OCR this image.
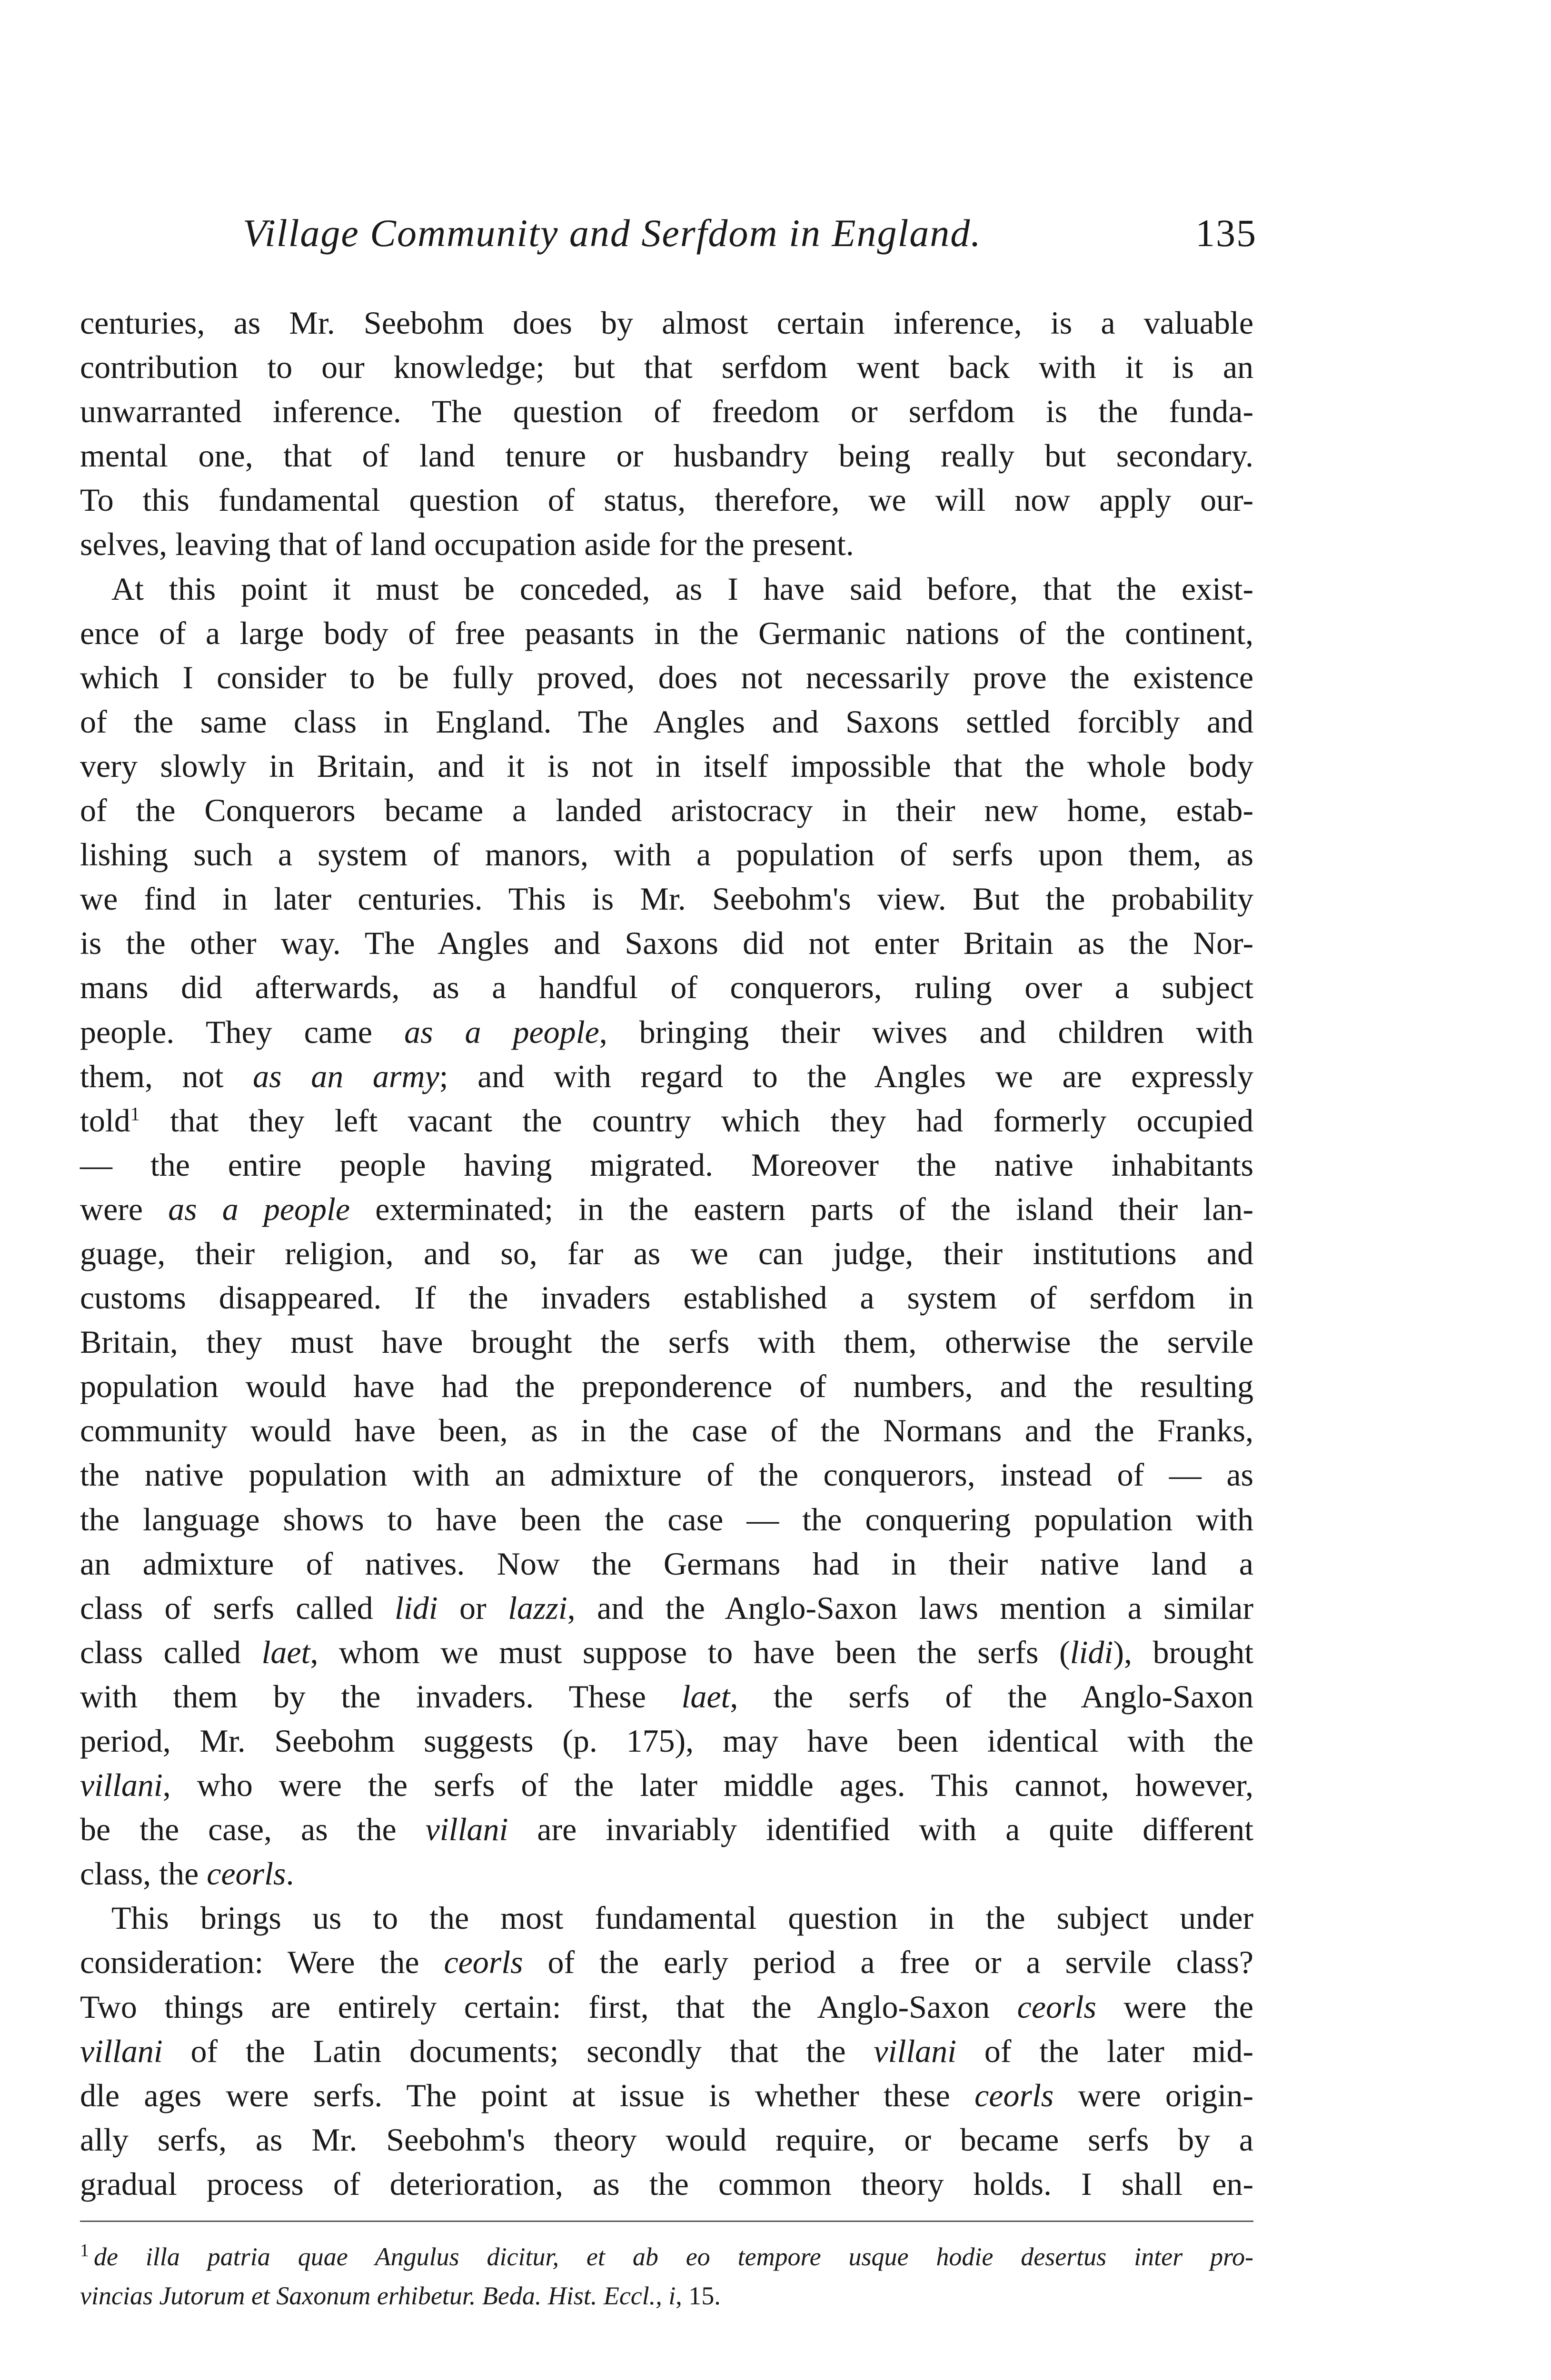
Village Community and Serfdom in England.	135
centuries, as Mr. Seebohm does by almost certain inference, is a valuable
contribution to our knowledge; but that serfdom went back with it is an
unwarranted inference. The question of freedom or serfdom is the funda-
mental one, that of land tenure or husbandry being really but secondary.
To this fundamental question of status, therefore, we will now apply our-
selves, leaving that of land occupation aside for the present.
At this point it must be conceded, as I have said before, that the exist-
ence of a large body of free peasants in the Germanic nations of the continent,
which I consider to be fully proved, does not necessarily prove the existence
of the same class in England. The Angles and Saxons settled forcibly and
very slowly in Britain, and it is not in itself impossible that the whole body
of the Conquerors became a landed aristocracy in their new home, estab-
lishing such a system of manors, with a population of serfs upon them, as
we find in later centuries. This is Mr. Seebohm's view. But the probability
is the other way. The Angles and Saxons did not enter Britain as the Nor-
mans did afterwards, as a handful of conquerors, ruling over a subject
people. They came as a people, bringing their wives and children with
them, not as an army; and with regard to the Angles we are expressly
told$^1$ that they left vacant the country which they had formerly occupied
— the entire people having migrated. Moreover the native inhabitants
were as a people exterminated; in the eastern parts of the island their lan-
guage, their religion, and so, far as we can judge, their institutions and
customs disappeared. If the invaders established a system of serfdom in
Britain, they must have brought the serfs with them, otherwise the servile
population would have had the preponderence of numbers, and the resulting
community would have been, as in the case of the Normans and the Franks,
the native population with an admixture of the conquerors, instead of — as
the language shows to have been the case — the conquering population with
an admixture of natives. Now the Germans had in their native land a
class of serfs called lidi or lazzi, and the Anglo-Saxon laws mention a similar
class called laet, whom we must suppose to have been the serfs (lidi), brought
with them by the invaders. These laet, the serfs of the Anglo-Saxon
period, Mr. Seebohm suggests (p. 175), may have been identical with the
villani, who were the serfs of the later middle ages. This cannot, however,
be the case, as the villani are invariably identified with a quite different
class, the ceorls.
This brings us to the most fundamental question in the subject under
consideration: Were the ceorls of the early period a free or a servile class?
Two things are entirely certain: first, that the Anglo-Saxon ceorls were the
villani of the Latin documents; secondly that the villani of the later mid-
dle ages were serfs. The point at issue is whether these ceorls were origin-
ally serfs, as Mr. Seebohm's theory would require, or became serfs by a
gradual process of deterioration, as the common theory holds. I shall en-
$^1$ de illa patria quae Angulus dicitur, et ab eo tempore usque hodie desertus inter pro-
vincias Jutorum et Saxonum erhibetur. Beda. Hist. Eccl., i, 15.
